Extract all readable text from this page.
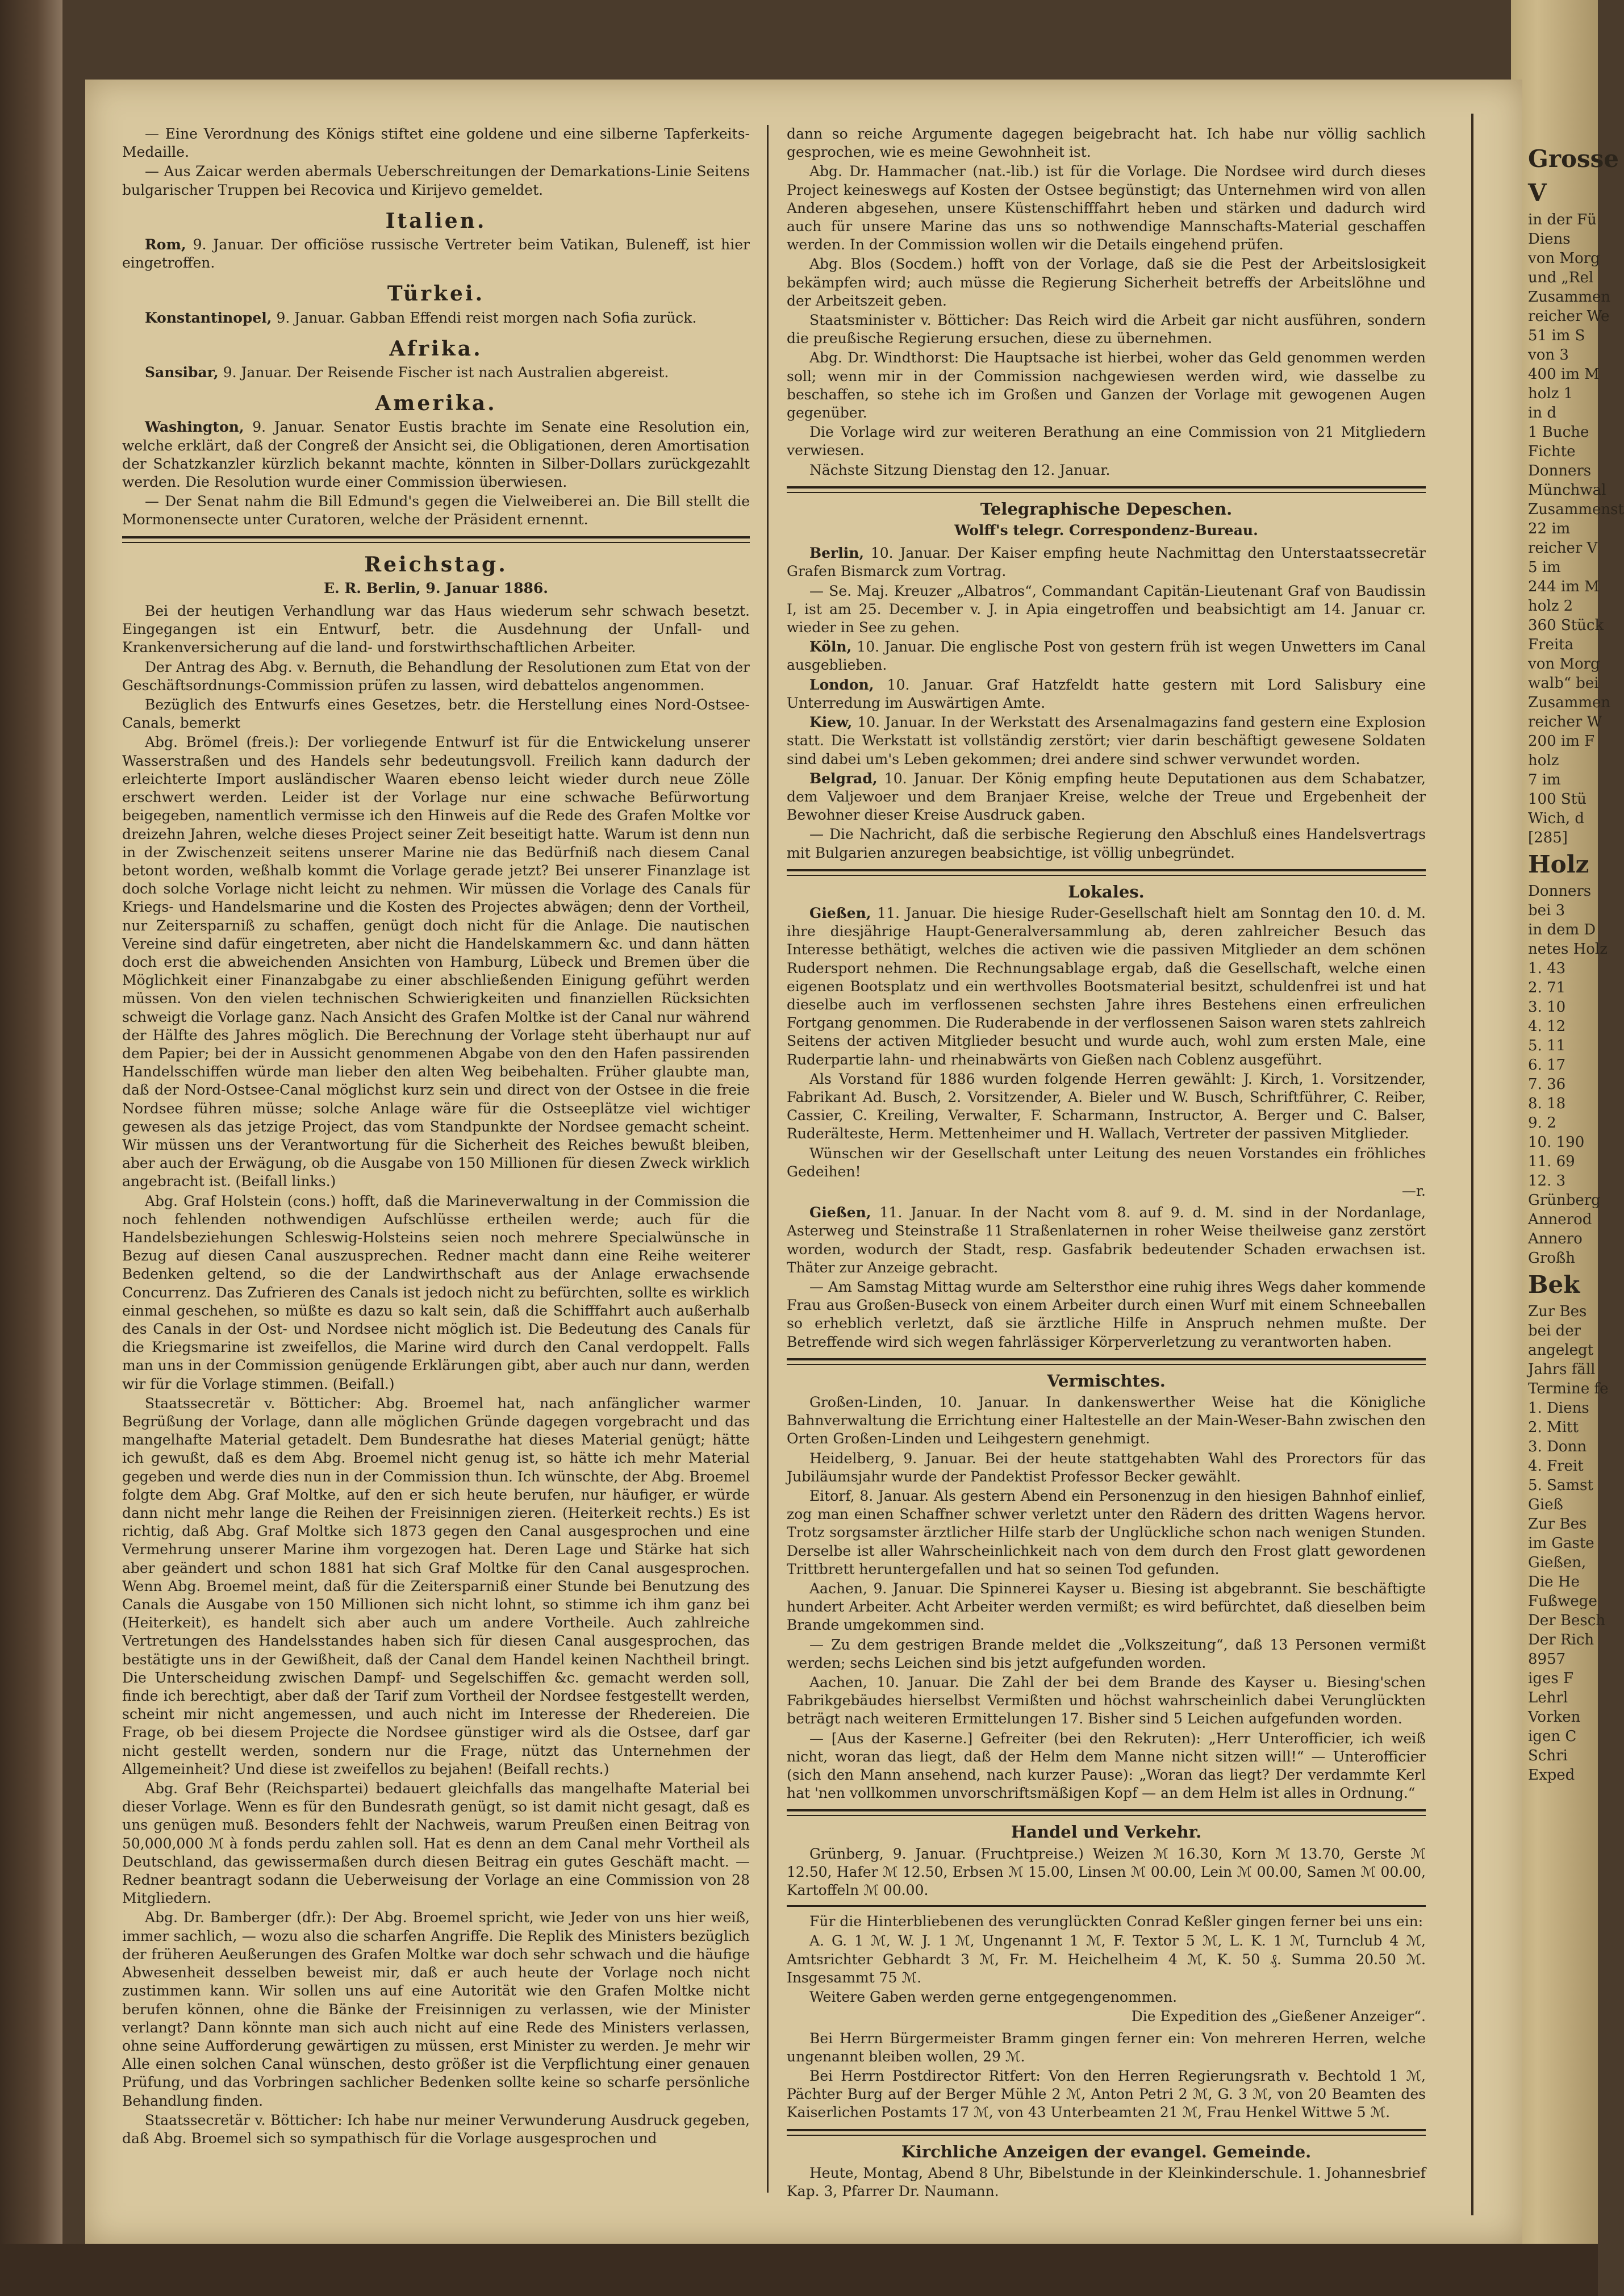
— Eine Verordnung des Königs stiftet eine goldene und eine silberne Tapferkeits-Medaille.

— Aus Zaicar werden abermals Ueberschreitungen der Demarkations-Linie Seitens bulgarischer Truppen bei Recovica und Kirijevo gemeldet.

Italien.

Rom, 9. Januar. Der officiöse russische Vertreter beim Vatikan, Buleneff, ist hier eingetroffen.

Türkei.

Konstantinopel, 9. Januar. Gabban Effendi reist morgen nach Sofia zurück.

Afrika.

Sansibar, 9. Januar. Der Reisende Fischer ist nach Australien abgereist.

Amerika.

Washington, 9. Januar. Senator Eustis brachte im Senate eine Resolution ein, welche erklärt, daß der Congreß der Ansicht sei, die Obligationen, deren Amortisation der Schatzkanzler kürzlich bekannt machte, könnten in Silber-Dollars zurückgezahlt werden. Die Resolution wurde einer Commission überwiesen.

— Der Senat nahm die Bill Edmund's gegen die Vielweiberei an. Die Bill stellt die Mormonensecte unter Curatoren, welche der Präsident ernennt.

Reichstag.
E. R. Berlin, 9. Januar 1886.

Bei der heutigen Verhandlung war das Haus wiederum sehr schwach besetzt. Eingegangen ist ein Entwurf, betr. die Ausdehnung der Unfall- und Krankenversicherung auf die land- und forstwirthschaftlichen Arbeiter.

Der Antrag des Abg. v. Bernuth, die Behandlung der Resolutionen zum Etat von der Geschäftsordnungs-Commission prüfen zu lassen, wird debattelos angenommen.

Bezüglich des Entwurfs eines Gesetzes, betr. die Herstellung eines Nord-Ostsee-Canals, bemerkt

Abg. Brömel (freis.): Der vorliegende Entwurf ist für die Entwickelung unserer Wasserstraßen und des Handels sehr bedeutungsvoll. Freilich kann dadurch der erleichterte Import ausländischer Waaren ebenso leicht wieder durch neue Zölle erschwert werden. Leider ist der Vorlage nur eine schwache Befürwortung beigegeben, namentlich vermisse ich den Hinweis auf die Rede des Grafen Moltke vor dreizehn Jahren, welche dieses Project seiner Zeit beseitigt hatte. Warum ist denn nun in der Zwischenzeit seitens unserer Marine nie das Bedürfniß nach diesem Canal betont worden, weßhalb kommt die Vorlage gerade jetzt? Bei unserer Finanzlage ist doch solche Vorlage nicht leicht zu nehmen. Wir müssen die Vorlage des Canals für Kriegs- und Handelsmarine und die Kosten des Projectes abwägen; denn der Vortheil, nur Zeitersparniß zu schaffen, genügt doch nicht für die Anlage. Die nautischen Vereine sind dafür eingetreten, aber nicht die Handelskammern &c. und dann hätten doch erst die abweichenden Ansichten von Hamburg, Lübeck und Bremen über die Möglichkeit einer Finanzabgabe zu einer abschließenden Einigung geführt werden müssen. Von den vielen technischen Schwierigkeiten und finanziellen Rücksichten schweigt die Vorlage ganz. Nach Ansicht des Grafen Moltke ist der Canal nur während der Hälfte des Jahres möglich. Die Berechnung der Vorlage steht überhaupt nur auf dem Papier; bei der in Aussicht genommenen Abgabe von den den Hafen passirenden Handelsschiffen würde man lieber den alten Weg beibehalten. Früher glaubte man, daß der Nord-Ostsee-Canal möglichst kurz sein und direct von der Ostsee in die freie Nordsee führen müsse; solche Anlage wäre für die Ostseeplätze viel wichtiger gewesen als das jetzige Project, das vom Standpunkte der Nordsee gemacht scheint. Wir müssen uns der Verantwortung für die Sicherheit des Reiches bewußt bleiben, aber auch der Erwägung, ob die Ausgabe von 150 Millionen für diesen Zweck wirklich angebracht ist. (Beifall links.)

Abg. Graf Holstein (cons.) hofft, daß die Marineverwaltung in der Commission die noch fehlenden nothwendigen Aufschlüsse ertheilen werde; auch für die Handelsbeziehungen Schleswig-Holsteins seien noch mehrere Specialwünsche in Bezug auf diesen Canal auszusprechen. Redner macht dann eine Reihe weiterer Bedenken geltend, so die der Landwirthschaft aus der Anlage erwachsende Concurrenz. Das Zufrieren des Canals ist jedoch nicht zu befürchten, sollte es wirklich einmal geschehen, so müßte es dazu so kalt sein, daß die Schifffahrt auch außerhalb des Canals in der Ost- und Nordsee nicht möglich ist. Die Bedeutung des Canals für die Kriegsmarine ist zweifellos, die Marine wird durch den Canal verdoppelt. Falls man uns in der Commission genügende Erklärungen gibt, aber auch nur dann, werden wir für die Vorlage stimmen. (Beifall.)

Staatssecretär v. Bötticher: Abg. Broemel hat, nach anfänglicher warmer Begrüßung der Vorlage, dann alle möglichen Gründe dagegen vorgebracht und das mangelhafte Material getadelt. Dem Bundesrathe hat dieses Material genügt; hätte ich gewußt, daß es dem Abg. Broemel nicht genug ist, so hätte ich mehr Material gegeben und werde dies nun in der Commission thun. Ich wünschte, der Abg. Broemel folgte dem Abg. Graf Moltke, auf den er sich heute berufen, nur häufiger, er würde dann nicht mehr lange die Reihen der Freisinnigen zieren. (Heiterkeit rechts.) Es ist richtig, daß Abg. Graf Moltke sich 1873 gegen den Canal ausgesprochen und eine Vermehrung unserer Marine ihm vorgezogen hat. Deren Lage und Stärke hat sich aber geändert und schon 1881 hat sich Graf Moltke für den Canal ausgesprochen. Wenn Abg. Broemel meint, daß für die Zeitersparniß einer Stunde bei Benutzung des Canals die Ausgabe von 150 Millionen sich nicht lohnt, so stimme ich ihm ganz bei (Heiterkeit), es handelt sich aber auch um andere Vortheile. Auch zahlreiche Vertretungen des Handelsstandes haben sich für diesen Canal ausgesprochen, das bestätigte uns in der Gewißheit, daß der Canal dem Handel keinen Nachtheil bringt. Die Unterscheidung zwischen Dampf- und Segelschiffen &c. gemacht werden soll, finde ich berechtigt, aber daß der Tarif zum Vortheil der Nordsee festgestellt werden, scheint mir nicht angemessen, und auch nicht im Interesse der Rhedereien. Die Frage, ob bei diesem Projecte die Nordsee günstiger wird als die Ostsee, darf gar nicht gestellt werden, sondern nur die Frage, nützt das Unternehmen der Allgemeinheit? Und diese ist zweifellos zu bejahen! (Beifall rechts.)

Abg. Graf Behr (Reichspartei) bedauert gleichfalls das mangelhafte Material bei dieser Vorlage. Wenn es für den Bundesrath genügt, so ist damit nicht gesagt, daß es uns genügen muß. Besonders fehlt der Nachweis, warum Preußen einen Beitrag von 50,000,000 ℳ à fonds perdu zahlen soll. Hat es denn an dem Canal mehr Vortheil als Deutschland, das gewissermaßen durch diesen Beitrag ein gutes Geschäft macht. — Redner beantragt sodann die Ueberweisung der Vorlage an eine Commission von 28 Mitgliedern.

Abg. Dr. Bamberger (dfr.): Der Abg. Broemel spricht, wie Jeder von uns hier weiß, immer sachlich, — wozu also die scharfen Angriffe. Die Replik des Ministers bezüglich der früheren Aeußerungen des Grafen Moltke war doch sehr schwach und die häufige Abwesenheit desselben beweist mir, daß er auch heute der Vorlage noch nicht zustimmen kann. Wir sollen uns auf eine Autorität wie den Grafen Moltke nicht berufen können, ohne die Bänke der Freisinnigen zu verlassen, wie der Minister verlangt? Dann könnte man sich auch nicht auf eine Rede des Ministers verlassen, ohne seine Aufforderung gewärtigen zu müssen, erst Minister zu werden. Je mehr wir Alle einen solchen Canal wünschen, desto größer ist die Verpflichtung einer genauen Prüfung, und das Vorbringen sachlicher Bedenken sollte keine so scharfe persönliche Behandlung finden.

Staatssecretär v. Bötticher: Ich habe nur meiner Verwunderung Ausdruck gegeben, daß Abg. Broemel sich so sympathisch für die Vorlage ausgesprochen und

dann so reiche Argumente dagegen beigebracht hat. Ich habe nur völlig sachlich gesprochen, wie es meine Gewohnheit ist.

Abg. Dr. Hammacher (nat.-lib.) ist für die Vorlage. Die Nordsee wird durch dieses Project keineswegs auf Kosten der Ostsee begünstigt; das Unternehmen wird von allen Anderen abgesehen, unsere Küstenschifffahrt heben und stärken und dadurch wird auch für unsere Marine das uns so nothwendige Mannschafts-Material geschaffen werden. In der Commission wollen wir die Details eingehend prüfen.

Abg. Blos (Socdem.) hofft von der Vorlage, daß sie die Pest der Arbeitslosigkeit bekämpfen wird; auch müsse die Regierung Sicherheit betreffs der Arbeitslöhne und der Arbeitszeit geben.

Staatsminister v. Bötticher: Das Reich wird die Arbeit gar nicht ausführen, sondern die preußische Regierung ersuchen, diese zu übernehmen.

Abg. Dr. Windthorst: Die Hauptsache ist hierbei, woher das Geld genommen werden soll; wenn mir in der Commission nachgewiesen werden wird, wie dasselbe zu beschaffen, so stehe ich im Großen und Ganzen der Vorlage mit gewogenen Augen gegenüber.

Die Vorlage wird zur weiteren Berathung an eine Commission von 21 Mitgliedern verwiesen.

Nächste Sitzung Dienstag den 12. Januar.

Telegraphische Depeschen.
Wolff's telegr. Correspondenz-Bureau.

Berlin, 10. Januar. Der Kaiser empfing heute Nachmittag den Unterstaatssecretär Grafen Bismarck zum Vortrag.

— Se. Maj. Kreuzer „Albatros“, Commandant Capitän-Lieutenant Graf von Baudissin I, ist am 25. December v. J. in Apia eingetroffen und beabsichtigt am 14. Januar cr. wieder in See zu gehen.

Köln, 10. Januar. Die englische Post von gestern früh ist wegen Unwetters im Canal ausgeblieben.

London, 10. Januar. Graf Hatzfeldt hatte gestern mit Lord Salisbury eine Unterredung im Auswärtigen Amte.

Kiew, 10. Januar. In der Werkstatt des Arsenalmagazins fand gestern eine Explosion statt. Die Werkstatt ist vollständig zerstört; vier darin beschäftigt gewesene Soldaten sind dabei um's Leben gekommen; drei andere sind schwer verwundet worden.

Belgrad, 10. Januar. Der König empfing heute Deputationen aus dem Schabatzer, dem Valjewoer und dem Branjaer Kreise, welche der Treue und Ergebenheit der Bewohner dieser Kreise Ausdruck gaben.

— Die Nachricht, daß die serbische Regierung den Abschluß eines Handelsvertrags mit Bulgarien anzuregen beabsichtige, ist völlig unbegründet.

Lokales.

Gießen, 11. Januar. Die hiesige Ruder-Gesellschaft hielt am Sonntag den 10. d. M. ihre diesjährige Haupt-Generalversammlung ab, deren zahlreicher Besuch das Interesse bethätigt, welches die activen wie die passiven Mitglieder an dem schönen Rudersport nehmen. Die Rechnungsablage ergab, daß die Gesellschaft, welche einen eigenen Bootsplatz und ein werthvolles Bootsmaterial besitzt, schuldenfrei ist und hat dieselbe auch im verflossenen sechsten Jahre ihres Bestehens einen erfreulichen Fortgang genommen. Die Ruderabende in der verflossenen Saison waren stets zahlreich Seitens der activen Mitglieder besucht und wurde auch, wohl zum ersten Male, eine Ruderpartie lahn- und rheinabwärts von Gießen nach Coblenz ausgeführt.

Als Vorstand für 1886 wurden folgende Herren gewählt: J. Kirch, 1. Vorsitzender, Fabrikant Ad. Busch, 2. Vorsitzender, A. Bieler und W. Busch, Schriftführer, C. Reiber, Cassier, C. Kreiling, Verwalter, F. Scharmann, Instructor, A. Berger und C. Balser, Ruderälteste, Herm. Mettenheimer und H. Wallach, Vertreter der passiven Mitglieder.

Wünschen wir der Gesellschaft unter Leitung des neuen Vorstandes ein fröhliches Gedeihen!

—r.

Gießen, 11. Januar. In der Nacht vom 8. auf 9. d. M. sind in der Nordanlage, Asterweg und Steinstraße 11 Straßenlaternen in roher Weise theilweise ganz zerstört worden, wodurch der Stadt, resp. Gasfabrik bedeutender Schaden erwachsen ist. Thäter zur Anzeige gebracht.

— Am Samstag Mittag wurde am Seltersthor eine ruhig ihres Wegs daher kommende Frau aus Großen-Buseck von einem Arbeiter durch einen Wurf mit einem Schneeballen so erheblich verletzt, daß sie ärztliche Hilfe in Anspruch nehmen mußte. Der Betreffende wird sich wegen fahrlässiger Körperverletzung zu verantworten haben.

Vermischtes.

Großen-Linden, 10. Januar. In dankenswerther Weise hat die Königliche Bahnverwaltung die Errichtung einer Haltestelle an der Main-Weser-Bahn zwischen den Orten Großen-Linden und Leihgestern genehmigt.

Heidelberg, 9. Januar. Bei der heute stattgehabten Wahl des Prorectors für das Jubiläumsjahr wurde der Pandektist Professor Becker gewählt.

Eitorf, 8. Januar. Als gestern Abend ein Personenzug in den hiesigen Bahnhof einlief, zog man einen Schaffner schwer verletzt unter den Rädern des dritten Wagens hervor. Trotz sorgsamster ärztlicher Hilfe starb der Unglückliche schon nach wenigen Stunden. Derselbe ist aller Wahrscheinlichkeit nach von dem durch den Frost glatt gewordenen Trittbrett heruntergefallen und hat so seinen Tod gefunden.

Aachen, 9. Januar. Die Spinnerei Kayser u. Biesing ist abgebrannt. Sie beschäftigte hundert Arbeiter. Acht Arbeiter werden vermißt; es wird befürchtet, daß dieselben beim Brande umgekommen sind.

— Zu dem gestrigen Brande meldet die „Volkszeitung“, daß 13 Personen vermißt werden; sechs Leichen sind bis jetzt aufgefunden worden.

Aachen, 10. Januar. Die Zahl der bei dem Brande des Kayser u. Biesing'schen Fabrikgebäudes hierselbst Vermißten und höchst wahrscheinlich dabei Verunglückten beträgt nach weiteren Ermittelungen 17. Bisher sind 5 Leichen aufgefunden worden.

— [Aus der Kaserne.] Gefreiter (bei den Rekruten): „Herr Unterofficier, ich weiß nicht, woran das liegt, daß der Helm dem Manne nicht sitzen will!“ — Unterofficier (sich den Mann ansehend, nach kurzer Pause): „Woran das liegt? Der verdammte Kerl hat 'nen vollkommen unvorschriftsmäßigen Kopf — an dem Helm ist alles in Ordnung.“

Handel und Verkehr.

Grünberg, 9. Januar. (Fruchtpreise.) Weizen ℳ 16.30, Korn ℳ 13.70, Gerste ℳ 12.50, Hafer ℳ 12.50, Erbsen ℳ 15.00, Linsen ℳ 00.00, Lein ℳ 00.00, Samen ℳ 00.00, Kartoffeln ℳ 00.00.

Für die Hinterbliebenen des verunglückten Conrad Keßler gingen ferner bei uns ein:

A. G. 1 ℳ, W. J. 1 ℳ, Ungenannt 1 ℳ, F. Textor 5 ℳ, L. K. 1 ℳ, Turnclub 4 ℳ, Amtsrichter Gebhardt 3 ℳ, Fr. M. Heichelheim 4 ℳ, K. 50 ₰. Summa 20.50 ℳ. Insgesammt 75 ℳ.

Weitere Gaben werden gerne entgegengenommen.

Die Expedition des „Gießener Anzeiger“.

Bei Herrn Bürgermeister Bramm gingen ferner ein: Von mehreren Herren, welche ungenannt bleiben wollen, 29 ℳ.

Bei Herrn Postdirector Ritfert: Von den Herren Regierungsrath v. Bechtold 1 ℳ, Pächter Burg auf der Berger Mühle 2 ℳ, Anton Petri 2 ℳ, G. 3 ℳ, von 20 Beamten des Kaiserlichen Postamts 17 ℳ, von 43 Unterbeamten 21 ℳ, Frau Henkel Wittwe 5 ℳ.

Kirchliche Anzeigen der evangel. Gemeinde.

Heute, Montag, Abend 8 Uhr, Bibelstunde in der Kleinkinderschule. 1. Johannesbrief Kap. 3, Pfarrer Dr. Naumann.

Grosse
V
in der Fü
Diens
von Morg
und „Rel
Zusammen
reicher We
51 im S
von 3
400 im M
holz 1
in d
1 Buche
Fichte
Donners
Münchwal
Zusammenst
22 im
reicher V
5 im
244 im M
holz 2
360 Stück
Freita
von Morg
walb“ bei
Zusammen
reicher W
200 im F
holz
7 im
100 Stü
Wich, d
[285]
Holz
Donners
bei 3
in dem D
netes Holz
1. 43
2. 71
3. 10
4. 12
5. 11
6. 17
7. 36
8. 18
9. 2
10. 190
11. 69
12. 3
Grünberg
Annerod
Annero
Großh
Bek
Zur Bes
bei der
angelegt
Jahrs fäll
Termine fe
1. Diens
2. Mitt
3. Donn
4. Freit
5. Samst
Gieß
Zur Bes
im Gaste
Gießen,
Die He
Fußwege
Der Besch
Der Rich
8957
iges F
Lehrl
Vorken
igen C
Schri
Exped
